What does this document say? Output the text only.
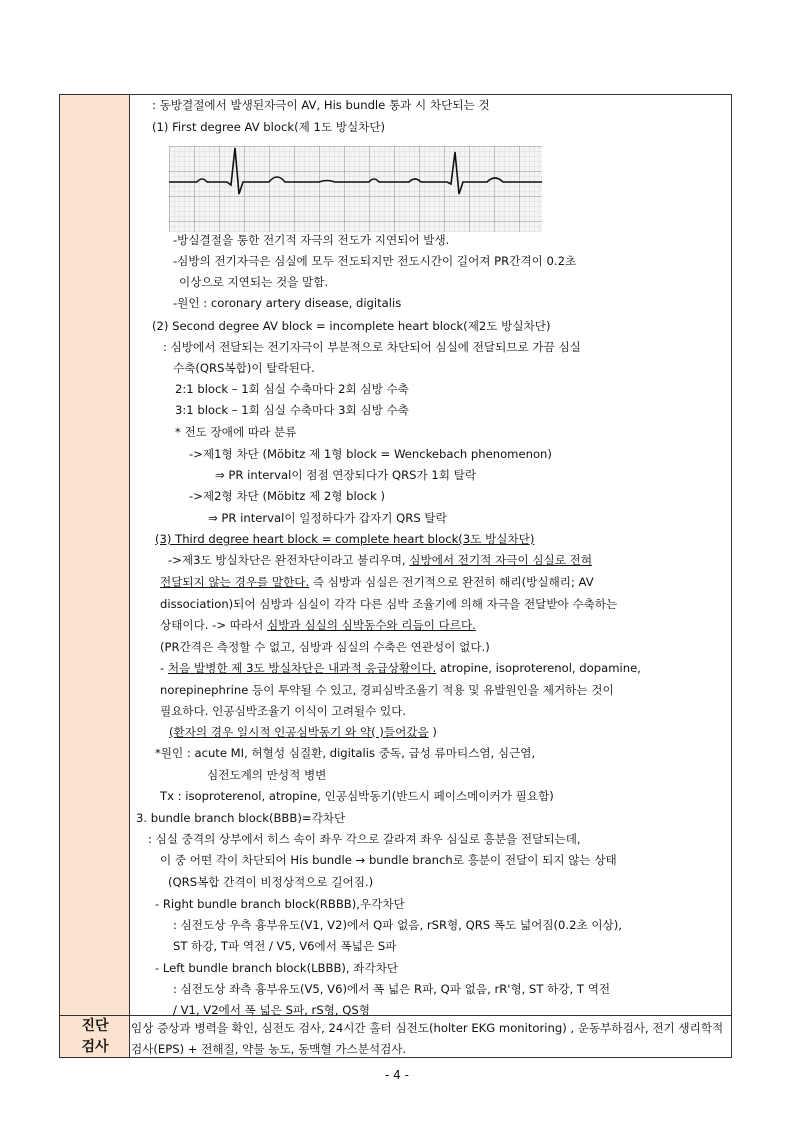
진단
검사
: 동방결절에서 발생된자극이 AV, His bundle 통과 시 차단되는 것
(1) First degree AV block(제 1도 방실차단)
-방실결절을 통한 전기적 자극의 전도가 지연되어 발생.
-심방의 전기자극은 심실에 모두 전도되지만 전도시간이 길어져 PR간격이 0.2초
이상으로 지연되는 것을 말함.
-원인 : coronary artery disease, digitalis
(2) Second degree AV block = incomplete heart block(제2도 방실차단)
: 심방에서 전달되는 전기자극이 부분적으로 차단되어 심실에 전달되므로 가끔 심실
수축(QRS복합)이 탈락된다.
2:1 block – 1회 심실 수축마다 2회 심방 수축
3:1 block – 1회 심실 수축마다 3회 심방 수축
* 전도 장애에 따라 분류
->제1형 차단 (Möbitz 제 1형 block = Wenckebach phenomenon)
⇒ PR interval이 점점 연장되다가 QRS가 1회 탈락
->제2형 차단 (Möbitz 제 2형 block )
⇒ PR interval이 일정하다가 갑자기 QRS 탈락
(3) Third degree heart block = complete heart block(3도 방실차단)
->제3도 방실차단은 완전차단이라고 불리우며, 심방에서 전기적 자극이 심실로 전혀
전달되지 않는 경우를 말한다. 즉 심방과 심실은 전기적으로 완전히 해리(방실해리; AV
dissociation)되어 심방과 심실이 각각 다른 심박 조율기에 의해 자극을 전달받아 수축하는
상태이다. -> 따라서 심방과 심실의 심박동수와 리듬이 다르다.
(PR간격은 측정할 수 없고, 심방과 심실의 수축은 연관성이 없다.)
- 처음 발병한 제 3도 방실차단은 내과적 응급상황이다. atropine, isoproterenol, dopamine,
norepinephrine 등이 투약될 수 있고, 경피심박조율기 적용 및 유발원인을 제거하는 것이
필요하다. 인공심박조율기 이식이 고려될수 있다.
(환자의 경우 일시적 인공심박동기 와 약( )들어갔음 )
*원인 : acute MI, 허혈성 심질환, digitalis 중독, 급성 류마티스염, 심근염,
심전도계의 만성적 병변
Tx : isoproterenol, atropine, 인공심박동기(반드시 페이스메이커가 필요함)
3. bundle branch block(BBB)=각차단
: 심실 중격의 상부에서 히스 속이 좌우 각으로 갈라져 좌우 심실로 흥분을 전달되는데,
이 중 어떤 각이 차단되어 His bundle → bundle branch로 흥분이 전달이 되지 않는 상태
(QRS복합 간격이 비정상적으로 길어짐.)
- Right bundle branch block(RBBB),우각차단
: 심전도상 우측 흉부유도(V1, V2)에서 Q파 없음, rSR형, QRS 폭도 넓어짐(0.2초 이상),
ST 하강, T파 역전 / V5, V6에서 폭넓은 S파
- Left bundle branch block(LBBB), 좌각차단
: 심전도상 좌측 흉부유도(V5, V6)에서 폭 넓은 R파, Q파 없음, rR'형, ST 하강, T 역전
/ V1, V2에서 폭 넓은 S파, rS형, QS형
임상 증상과 병력을 확인, 심전도 검사, 24시간 홀터 심전도(holter EKG monitoring) , 운동부하검사, 전기 생리학적 검사(EPS) + 전해질, 약물 농도, 동맥혈 가스분석검사.
- 4 -
